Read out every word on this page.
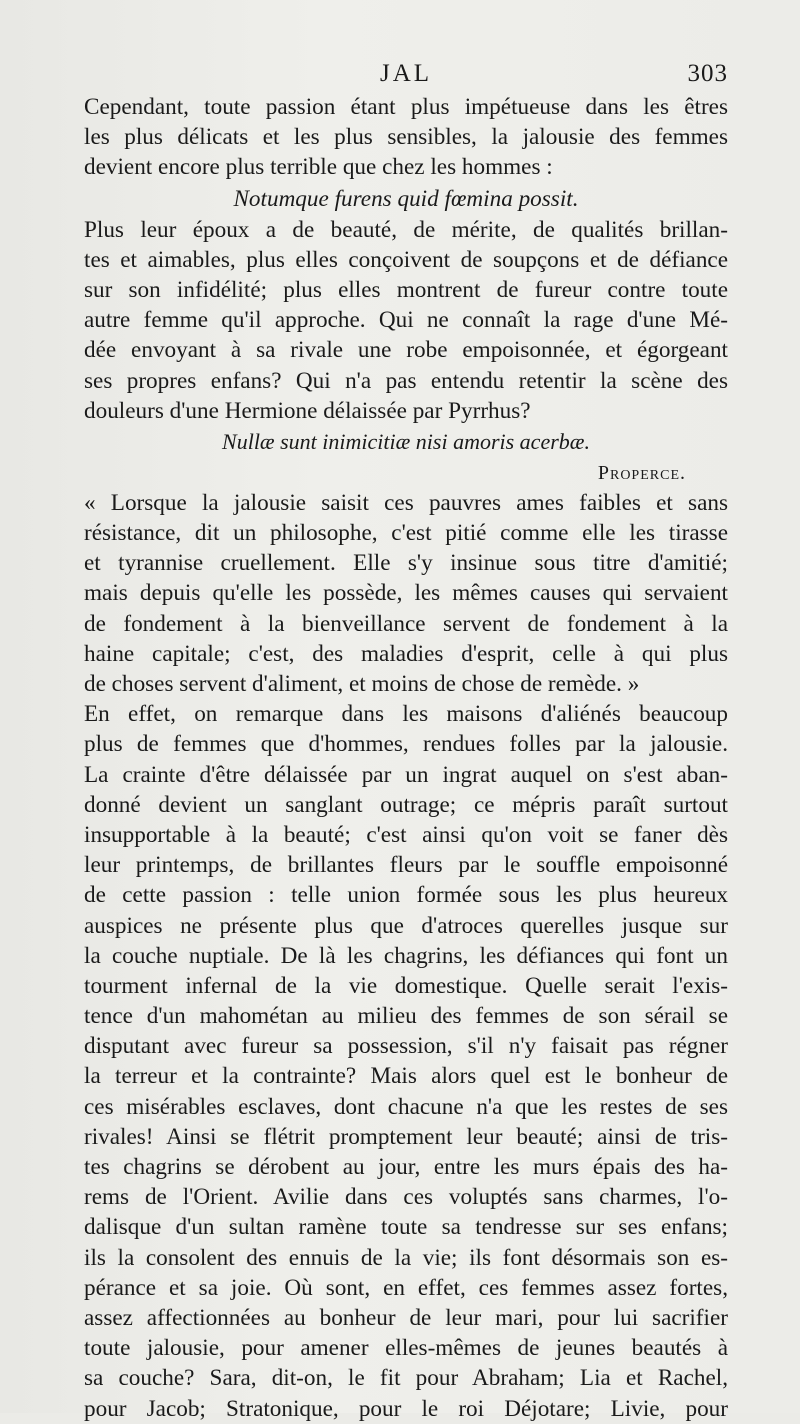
JAL	303
Cependant, toute passion étant plus impétueuse dans les êtres
les plus délicats et les plus sensibles, la jalousie des femmes
devient encore plus terrible que chez les hommes :
Notumque furens quid fœmina possit.
Plus leur époux a de beauté, de mérite, de qualités brillan-
tes et aimables, plus elles conçoivent de soupçons et de défiance
sur son infidélité; plus elles montrent de fureur contre toute
autre femme qu'il approche. Qui ne connaît la rage d'une Mé-
dée envoyant à sa rivale une robe empoisonnée, et égorgeant
ses propres enfans? Qui n'a pas entendu retentir la scène des
douleurs d'une Hermione délaissée par Pyrrhus?
Nullæ sunt inimicitiæ nisi amoris acerbæ.
Properce.
« Lorsque la jalousie saisit ces pauvres ames faibles et sans
résistance, dit un philosophe, c'est pitié comme elle les tirasse
et tyrannise cruellement. Elle s'y insinue sous titre d'amitié;
mais depuis qu'elle les possède, les mêmes causes qui servaient
de fondement à la bienveillance servent de fondement à la
haine capitale; c'est, des maladies d'esprit, celle à qui plus
de choses servent d'aliment, et moins de chose de remède. »
En effet, on remarque dans les maisons d'aliénés beaucoup
plus de femmes que d'hommes, rendues folles par la jalousie.
La crainte d'être délaissée par un ingrat auquel on s'est aban-
donné devient un sanglant outrage; ce mépris paraît surtout
insupportable à la beauté; c'est ainsi qu'on voit se faner dès
leur printemps, de brillantes fleurs par le souffle empoisonné
de cette passion : telle union formée sous les plus heureux
auspices ne présente plus que d'atroces querelles jusque sur
la couche nuptiale. De là les chagrins, les défiances qui font un
tourment infernal de la vie domestique. Quelle serait l'exis-
tence d'un mahométan au milieu des femmes de son sérail se
disputant avec fureur sa possession, s'il n'y faisait pas régner
la terreur et la contrainte? Mais alors quel est le bonheur de
ces misérables esclaves, dont chacune n'a que les restes de ses
rivales! Ainsi se flétrit promptement leur beauté; ainsi de tris-
tes chagrins se dérobent au jour, entre les murs épais des ha-
rems de l'Orient. Avilie dans ces voluptés sans charmes, l'o-
dalisque d'un sultan ramène toute sa tendresse sur ses enfans;
ils la consolent des ennuis de la vie; ils font désormais son es-
pérance et sa joie. Où sont, en effet, ces femmes assez fortes,
assez affectionnées au bonheur de leur mari, pour lui sacrifier
toute jalousie, pour amener elles-mêmes de jeunes beautés à
sa couche? Sara, dit-on, le fit pour Abraham; Lia et Rachel,
pour Jacob; Stratonique, pour le roi Déjotare; Livie, pour
